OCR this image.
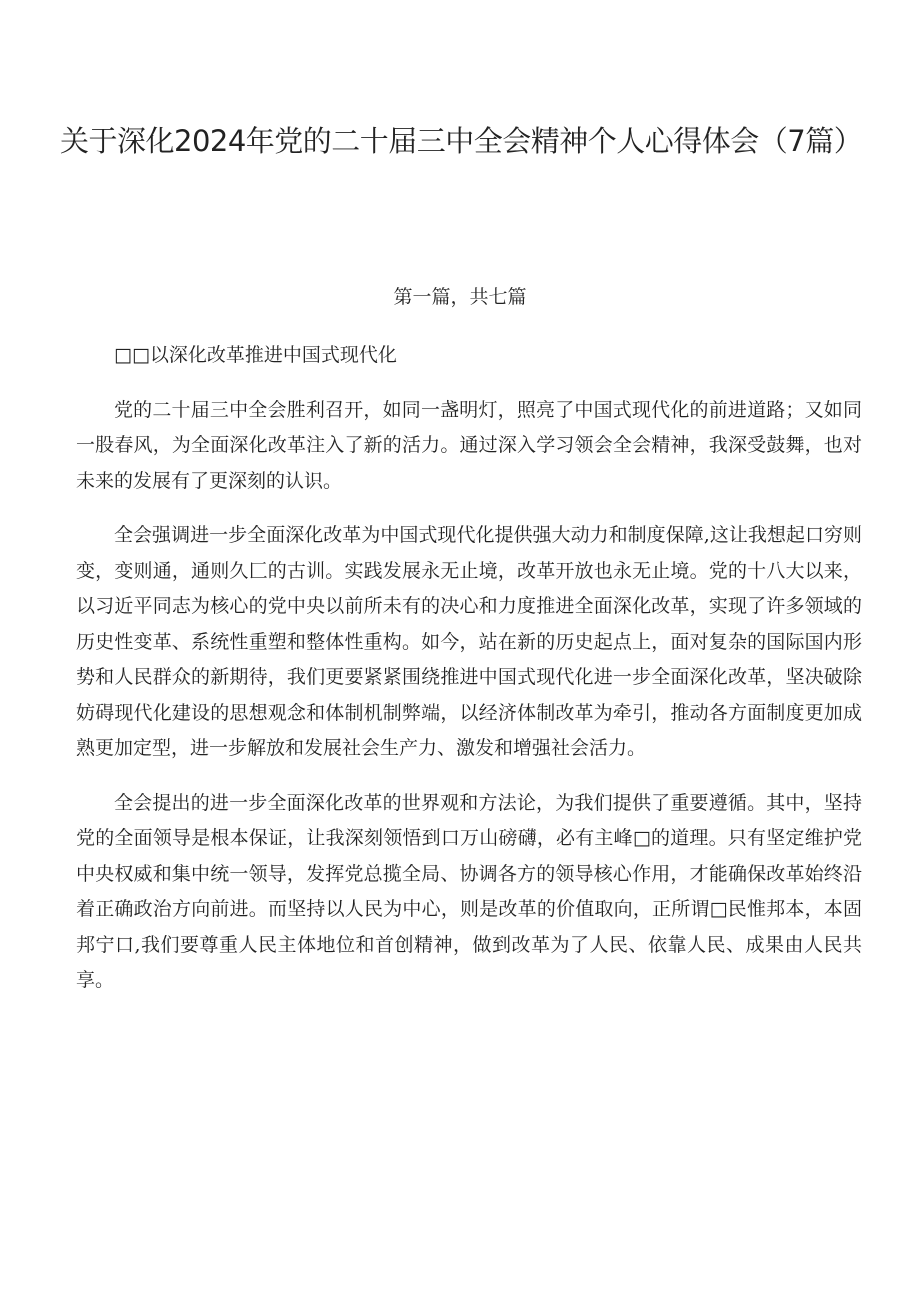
关于深化2024年党的二十届三中全会精神个人心得体会（7篇）
第一篇，共七篇

□□以深化改革推进中国式现代化

党的二十届三中全会胜利召开，如同一盏明灯，照亮了中国式现代化的前进道路；又如同一股春风，为全面深化改革注入了新的活力。通过深入学习领会全会精神，我深受鼓舞，也对未来的发展有了更深刻的认识。

全会强调进一步全面深化改革为中国式现代化提供强大动力和制度保障,这让我想起口穷则变，变则通，通则久匚的古训。实践发展永无止境，改革开放也永无止境。党的十八大以来，以习近平同志为核心的党中央以前所未有的决心和力度推进全面深化改革，实现了许多领域的历史性变革、系统性重塑和整体性重构。如今，站在新的历史起点上，面对复杂的国际国内形势和人民群众的新期待，我们更要紧紧围绕推进中国式现代化进一步全面深化改革，坚决破除妨碍现代化建设的思想观念和体制机制弊端，以经济体制改革为牵引，推动各方面制度更加成熟更加定型，进一步解放和发展社会生产力、激发和增强社会活力。

全会提出的进一步全面深化改革的世界观和方法论，为我们提供了重要遵循。其中，坚持党的全面领导是根本保证，让我深刻领悟到口万山磅礴，必有主峰□的道理。只有坚定维护党中央权威和集中统一领导，发挥党总揽全局、协调各方的领导核心作用，才能确保改革始终沿着正确政治方向前进。而坚持以人民为中心，则是改革的价值取向，正所谓□民惟邦本，本固邦宁口,我们要尊重人民主体地位和首创精神，做到改革为了人民、依靠人民、成果由人民共享。
